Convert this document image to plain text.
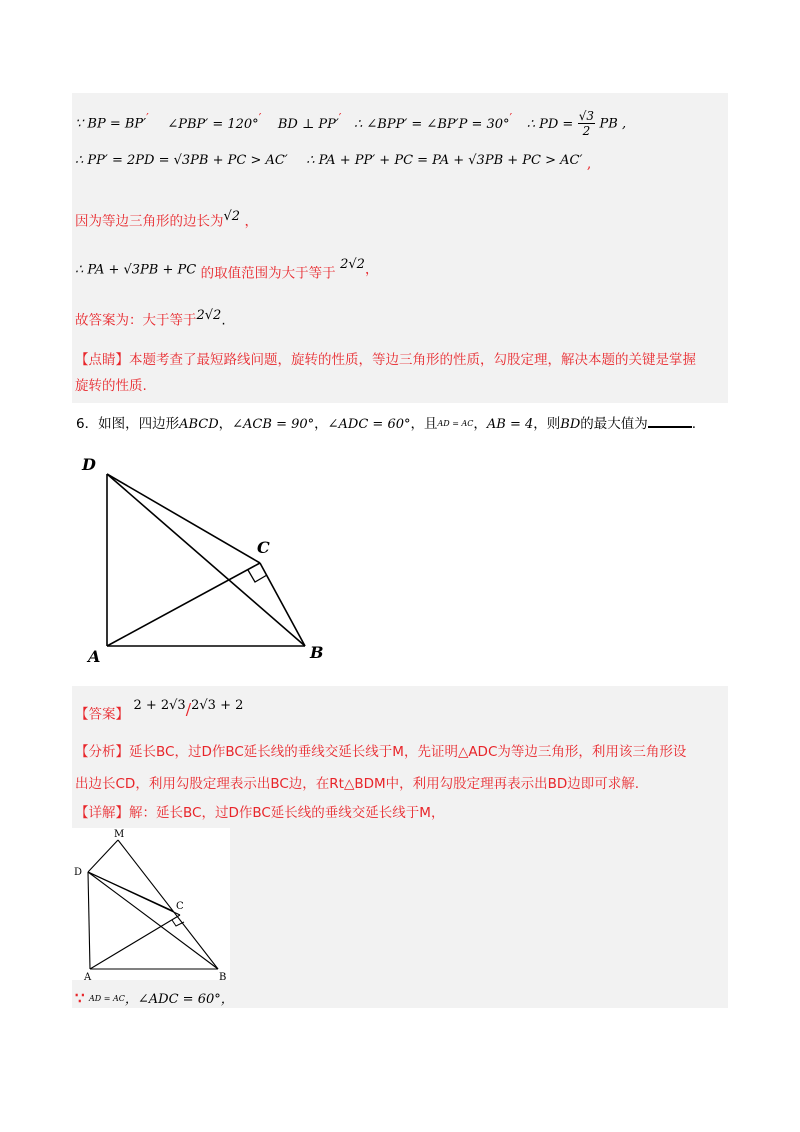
∵ BP = BP′′ ∠PBP′ = 120°′ BD ⊥ PP′′ ∴ ∠BPP′ = ∠BP′P = 30°′ ∴ PD = $\frac{√3}{2}$ PB ,
∴ PP′ = 2PD = √3PB + PC > AC′ ∴ PA + PP′ + PC = PA + √3PB + PC > AC′ ,
因为等边三角形的边长为√2 ，
∴ PA + √3PB + PC 的取值范围为大于等于 2√2，
故答案为：大于等于2√2.
【点睛】本题考查了最短路线问题，旋转的性质，等边三角形的性质，勾股定理，解决本题的关键是掌握
旋转的性质.
6．如图，四边形ABCD，∠ACB = 90°，∠ADC = 60°，且AD = AC，AB = 4，则BD的最大值为	.
D
A	B
C
【答案】 2 + 2√3/2√3 + 2
【分析】延长BC，过D作BC延长线的垂线交延长线于M，先证明△ADC为等边三角形，利用该三角形设
出边长CD，利用勾股定理表示出BC边，在Rt△BDM中，利用勾股定理再表示出BD边即可求解.
【详解】解：延长BC，过D作BC延长线的垂线交延长线于M，
M
D
C
A	B
∵ AD = AC，∠ADC = 60°，
